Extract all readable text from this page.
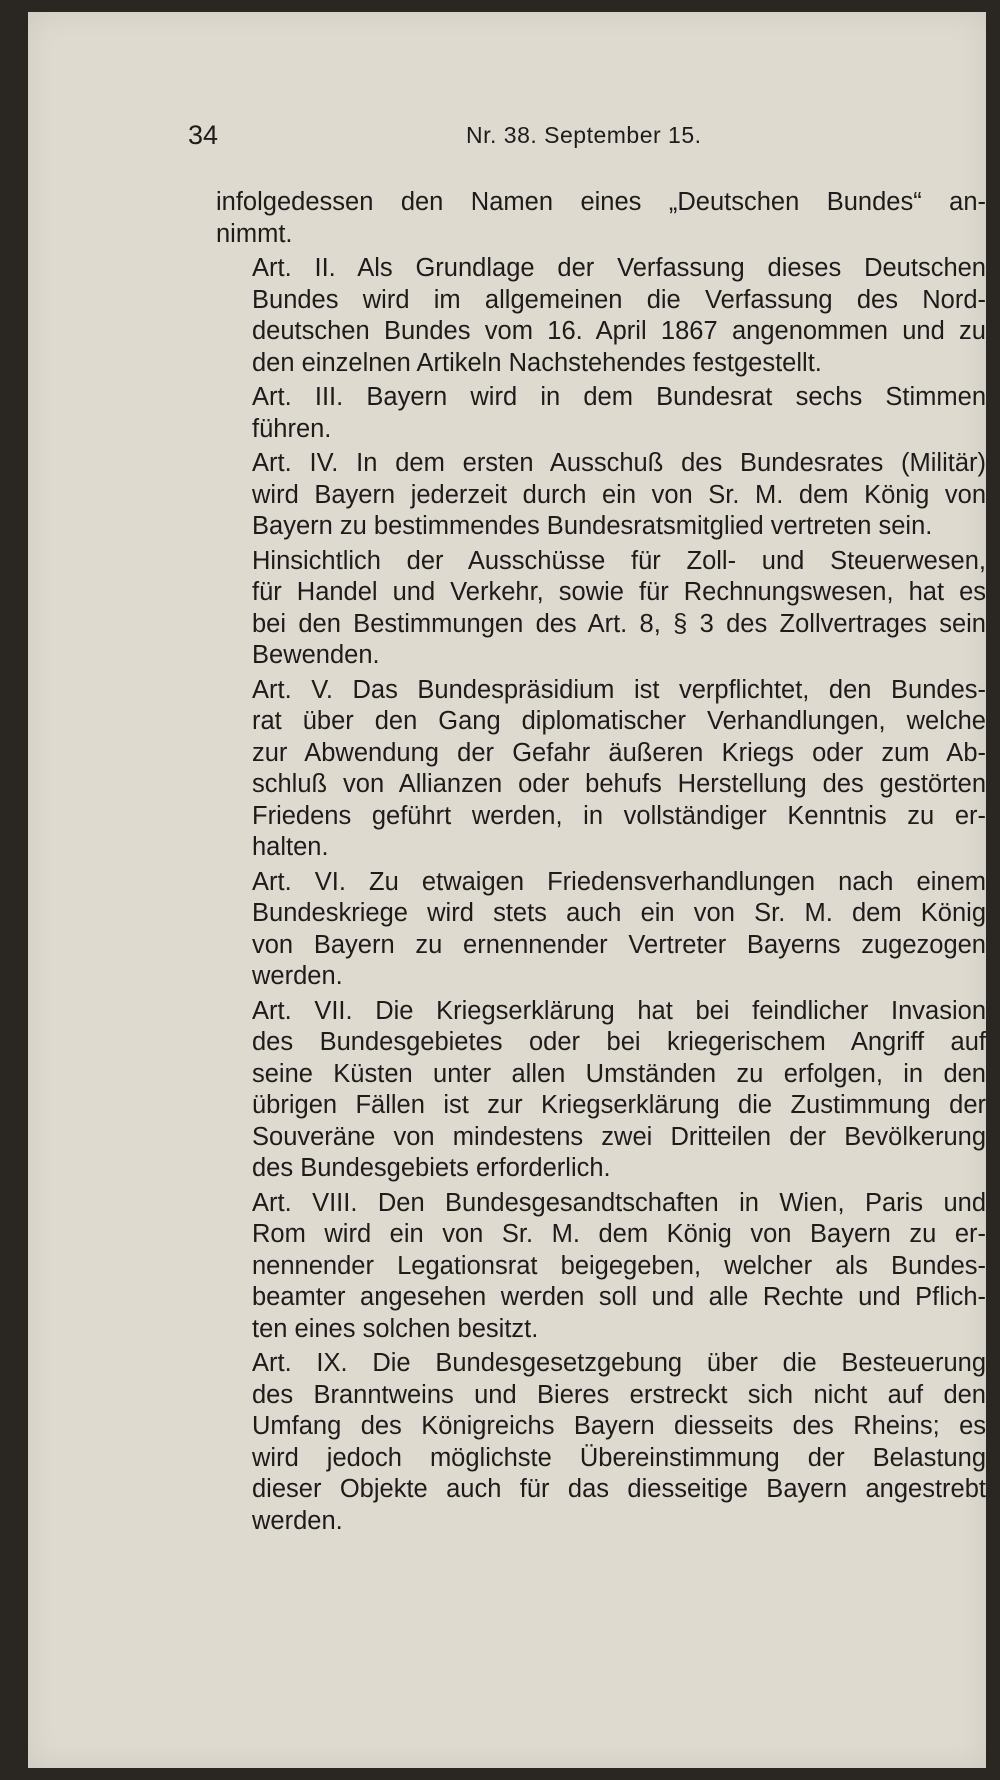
34	Nr. 38. September 15.
infolgedessen den Namen eines „Deutschen Bundes“ an-
nimmt.
Art. II. Als Grundlage der Verfassung dieses Deutschen
Bundes wird im allgemeinen die Verfassung des Nord-
deutschen Bundes vom 16. April 1867 angenommen und zu
den einzelnen Artikeln Nachstehendes festgestellt.
Art. III. Bayern wird in dem Bundesrat sechs Stimmen
führen.
Art. IV. In dem ersten Ausschuß des Bundesrates (Militär)
wird Bayern jederzeit durch ein von Sr. M. dem König von
Bayern zu bestimmendes Bundesratsmitglied vertreten sein.
Hinsichtlich der Ausschüsse für Zoll- und Steuerwesen,
für Handel und Verkehr, sowie für Rechnungswesen, hat es
bei den Bestimmungen des Art. 8, § 3 des Zollvertrages sein
Bewenden.
Art. V. Das Bundespräsidium ist verpflichtet, den Bundes-
rat über den Gang diplomatischer Verhandlungen, welche
zur Abwendung der Gefahr äußeren Kriegs oder zum Ab-
schluß von Allianzen oder behufs Herstellung des gestörten
Friedens geführt werden, in vollständiger Kenntnis zu er-
halten.
Art. VI. Zu etwaigen Friedensverhandlungen nach einem
Bundeskriege wird stets auch ein von Sr. M. dem König
von Bayern zu ernennender Vertreter Bayerns zugezogen
werden.
Art. VII. Die Kriegserklärung hat bei feindlicher Invasion
des Bundesgebietes oder bei kriegerischem Angriff auf
seine Küsten unter allen Umständen zu erfolgen, in den
übrigen Fällen ist zur Kriegserklärung die Zustimmung der
Souveräne von mindestens zwei Dritteilen der Bevölkerung
des Bundesgebiets erforderlich.
Art. VIII. Den Bundesgesandtschaften in Wien, Paris und
Rom wird ein von Sr. M. dem König von Bayern zu er-
nennender Legationsrat beigegeben, welcher als Bundes-
beamter angesehen werden soll und alle Rechte und Pflich-
ten eines solchen besitzt.
Art. IX. Die Bundesgesetzgebung über die Besteuerung
des Branntweins und Bieres erstreckt sich nicht auf den
Umfang des Königreichs Bayern diesseits des Rheins; es
wird jedoch möglichste Übereinstimmung der Belastung
dieser Objekte auch für das diesseitige Bayern angestrebt
werden.
